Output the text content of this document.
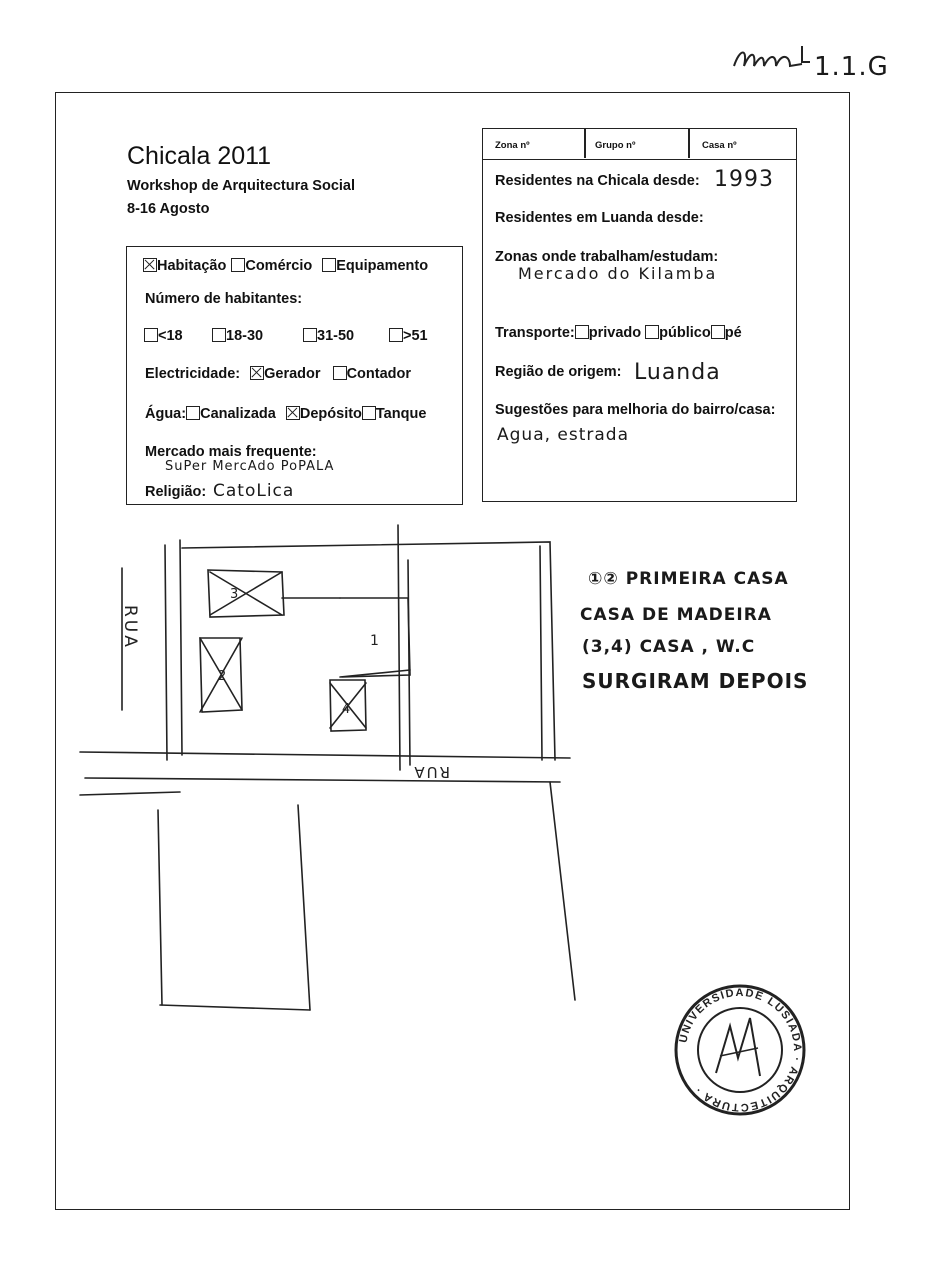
1.1.G
Chicala 2011
Workshop de Arquitectura Social
8-16 Agosto
Habitação Comércio Equipamento
Número de habitantes:
<18	18-30	31-50	>51
Electricidade: Gerador Contador
Água: Canalizada Depósito Tanque
Mercado mais frequente:
SuPer MercAdo PoPALA
Religião: CatoLica
Zona nº	Grupo nº	Casa nº
Residentes na Chicala desde: 1993
Residentes em Luanda desde:
Zonas onde trabalham/estudam:
Mercado do Kilamba
Transporte: privado público pé
Região de origem: Luanda
Sugestões para melhoria do bairro/casa:
Agua, estrada
3
2
1
4
RUA
RUA
①② PRIMEIRA CASA
CASA DE MADEIRA
(3,4) CASA , W.C
SURGIRAM DEPOIS
UNIVERSIDADE LUSÍADA · ARQUITECTURA ·
